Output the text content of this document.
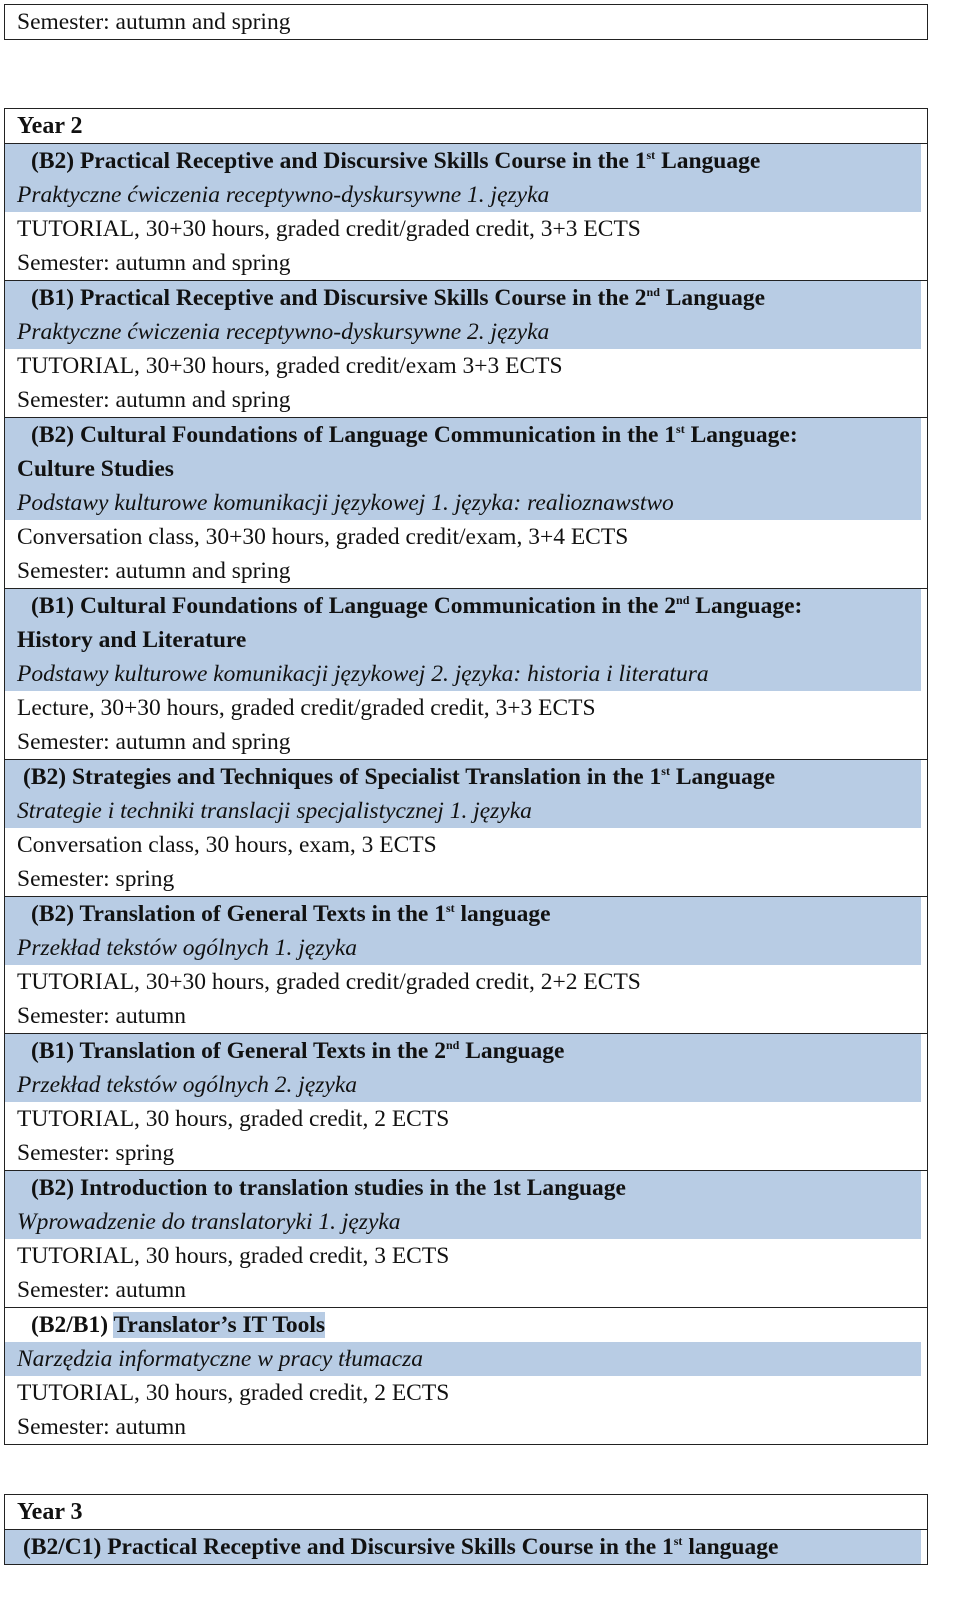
Semester: autumn and spring
Year 2
(B2) Practical Receptive and Discursive Skills Course in the 1st Language
Praktyczne ćwiczenia receptywno-dyskursywne 1. języka
TUTORIAL, 30+30 hours, graded credit/graded credit, 3+3 ECTS
Semester: autumn and spring
(B1) Practical Receptive and Discursive Skills Course in the 2nd Language
Praktyczne ćwiczenia receptywno-dyskursywne 2. języka
TUTORIAL, 30+30 hours, graded credit/exam 3+3 ECTS
Semester: autumn and spring
(B2) Cultural Foundations of Language Communication in the 1st Language:
Culture Studies
Podstawy kulturowe komunikacji językowej 1. języka: realioznawstwo
Conversation class, 30+30 hours, graded credit/exam, 3+4 ECTS
Semester: autumn and spring
(B1) Cultural Foundations of Language Communication in the 2nd Language:
History and Literature
Podstawy kulturowe komunikacji językowej 2. języka: historia i literatura
Lecture, 30+30 hours, graded credit/graded credit, 3+3 ECTS
Semester: autumn and spring
(B2) Strategies and Techniques of Specialist Translation in the 1st Language
Strategie i techniki translacji specjalistycznej 1. języka
Conversation class, 30 hours, exam, 3 ECTS
Semester: spring
(B2) Translation of General Texts in the 1st language
Przekład tekstów ogólnych 1. języka
TUTORIAL, 30+30 hours, graded credit/graded credit, 2+2 ECTS
Semester: autumn
(B1) Translation of General Texts in the 2nd Language
Przekład tekstów ogólnych 2. języka
TUTORIAL, 30 hours, graded credit, 2 ECTS
Semester: spring
(B2) Introduction to translation studies in the 1st Language
Wprowadzenie do translatoryki 1. języka
TUTORIAL, 30 hours, graded credit, 3 ECTS
Semester: autumn
(B2/B1) Translator’s IT Tools
Narzędzia informatyczne w pracy tłumacza
TUTORIAL, 30 hours, graded credit, 2 ECTS
Semester: autumn
Year 3
(B2/C1) Practical Receptive and Discursive Skills Course in the 1st language
